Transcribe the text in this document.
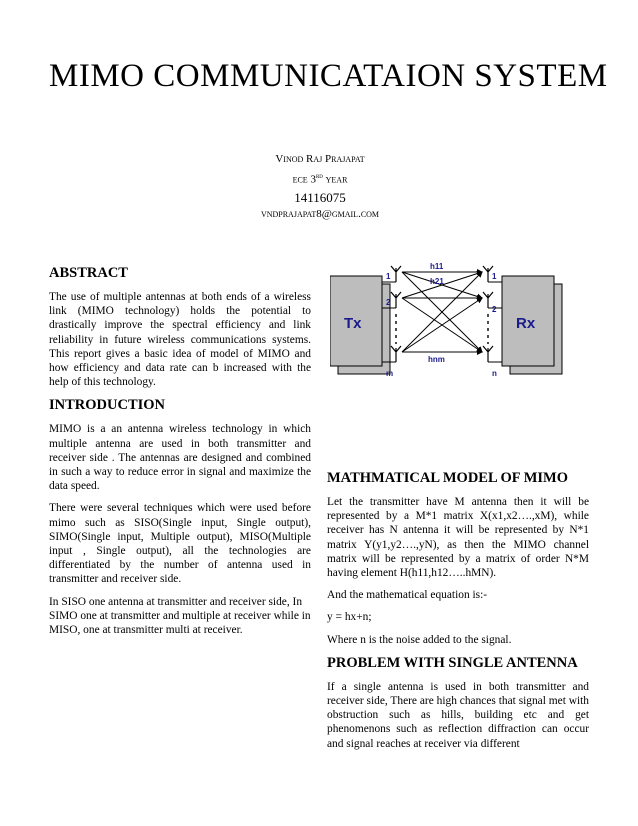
MIMO COMMUNICATAION SYSTEM
Vinod Raj Prajapat
ece 3rd year
14116075
vndprajapat8@gmail.com
ABSTRACT

The use of multiple antennas at both ends of a wireless link (MIMO technology) holds the potential to drastically improve the spectral efficiency and link reliability in future wireless communications systems. This report gives a basic idea of model of MIMO and how efficiency and data rate can b increased with the help of this technology.

INTRODUCTION

MIMO is a an antenna wireless technology in which multiple antenna are used in both transmitter and receiver side . The antennas are designed and combined in such a way to reduce error in signal and maximize the data speed.

There were several techniques which were used before mimo such as SISO(Single input, Single output), SIMO(Single input, Multiple output), MISO(Multiple input , Single output), all the technologies are differentiated by the number of antenna used in transmitter and receiver side.

In SISO one antenna at transmitter and receiver side, In SIMO one at transmitter and multiple at receiver while in MISO, one at transmitter multi at receiver.

Tx	Rx
h11
h21
hnm
1
2
m
1
2
n
MATHMATICAL MODEL OF MIMO

Let the transmitter have M antenna then it will be represented by a M*1 matrix X(x1,x2….,xM), while receiver has N antenna it will be represented by N*1 matrix Y(y1,y2….,yN), as then the MIMO channel matrix will be represented by a matrix of order N*M having element H(h11,h12…..hMN).

And the mathematical equation is:-

y = hx+n;

Where n is the noise added to the signal.

PROBLEM WITH SINGLE ANTENNA

If a single antenna is used in both transmitter and receiver side, There are high chances that signal met with obstruction such as hills, building etc and get phenomenons such as reflection diffraction can occur and signal reaches at receiver via different
